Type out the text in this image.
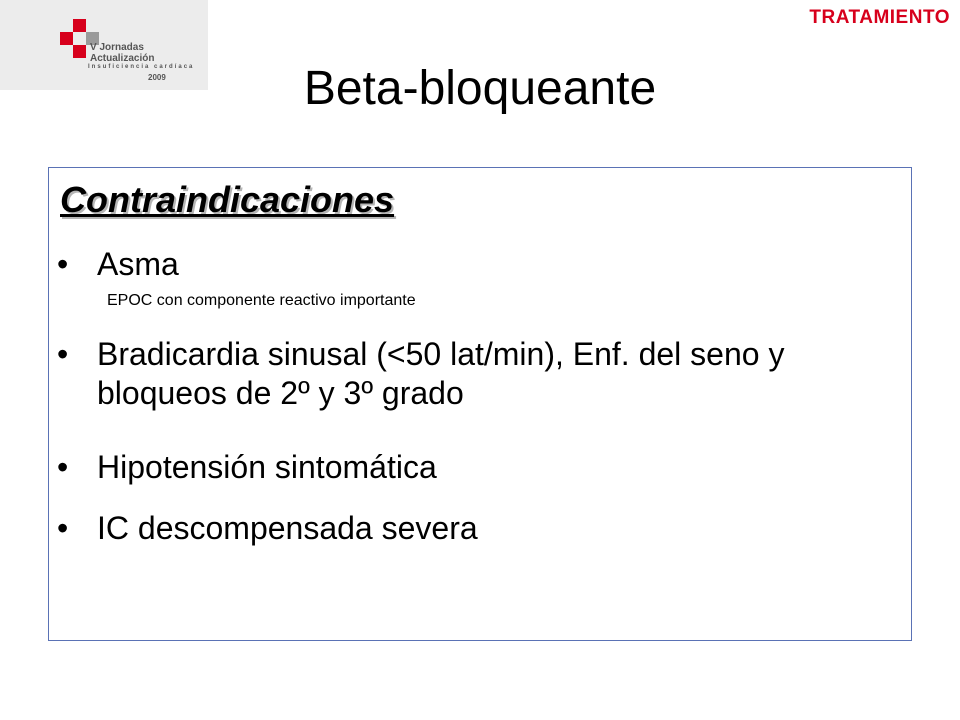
V Jornadas
Actualización
Insuficiencia cardíaca
2009
TRATAMIENTO
Beta-bloqueante
Contraindicaciones
• Asma
EPOC con componente reactivo importante
• Bradicardia sinusal (<50 lat/min), Enf. del seno y bloqueos de 2º y 3º grado
• Hipotensión sintomática
• IC descompensada severa
